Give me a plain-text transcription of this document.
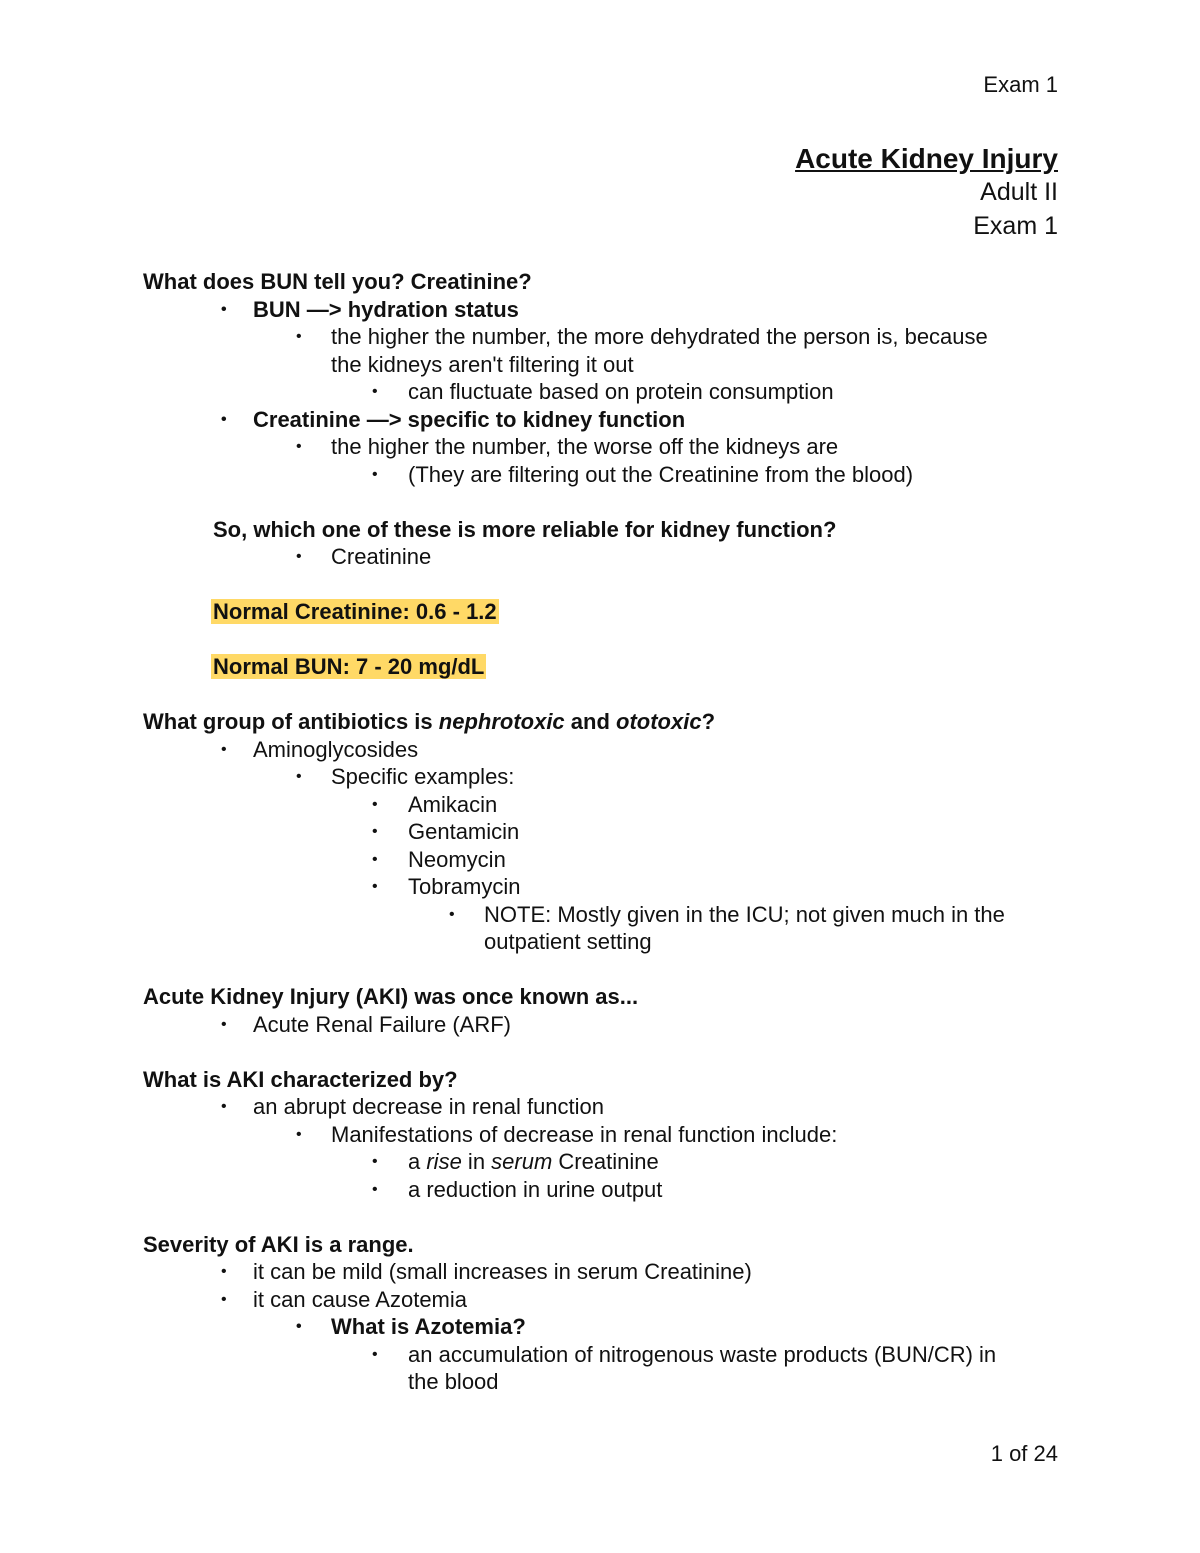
Exam 1
Acute Kidney Injury
Adult II
Exam 1

What does BUN tell you? Creatinine?

• BUN —> hydration status
• the higher the number, the more dehydrated the person is, because
the kidneys aren't filtering it out
• can fluctuate based on protein consumption
• Creatinine —> specific to kidney function
• the higher the number, the worse off the kidneys are
• (They are filtering out the Creatinine from the blood)

So, which one of these is more reliable for kidney function?

• Creatinine

Normal Creatinine: 0.6 - 1.2

Normal BUN: 7 - 20 mg/dL

What group of antibiotics is nephrotoxic and ototoxic?

• Aminoglycosides
• Specific examples:
• Amikacin
• Gentamicin
• Neomycin
• Tobramycin
• NOTE: Mostly given in the ICU; not given much in the
outpatient setting

Acute Kidney Injury (AKI) was once known as...

• Acute Renal Failure (ARF)

What is AKI characterized by?

• an abrupt decrease in renal function
• Manifestations of decrease in renal function include:
• a rise in serum Creatinine
• a reduction in urine output

Severity of AKI is a range.

• it can be mild (small increases in serum Creatinine)
• it can cause Azotemia
• What is Azotemia?
• an accumulation of nitrogenous waste products (BUN/CR) in
the blood
1 of 24
